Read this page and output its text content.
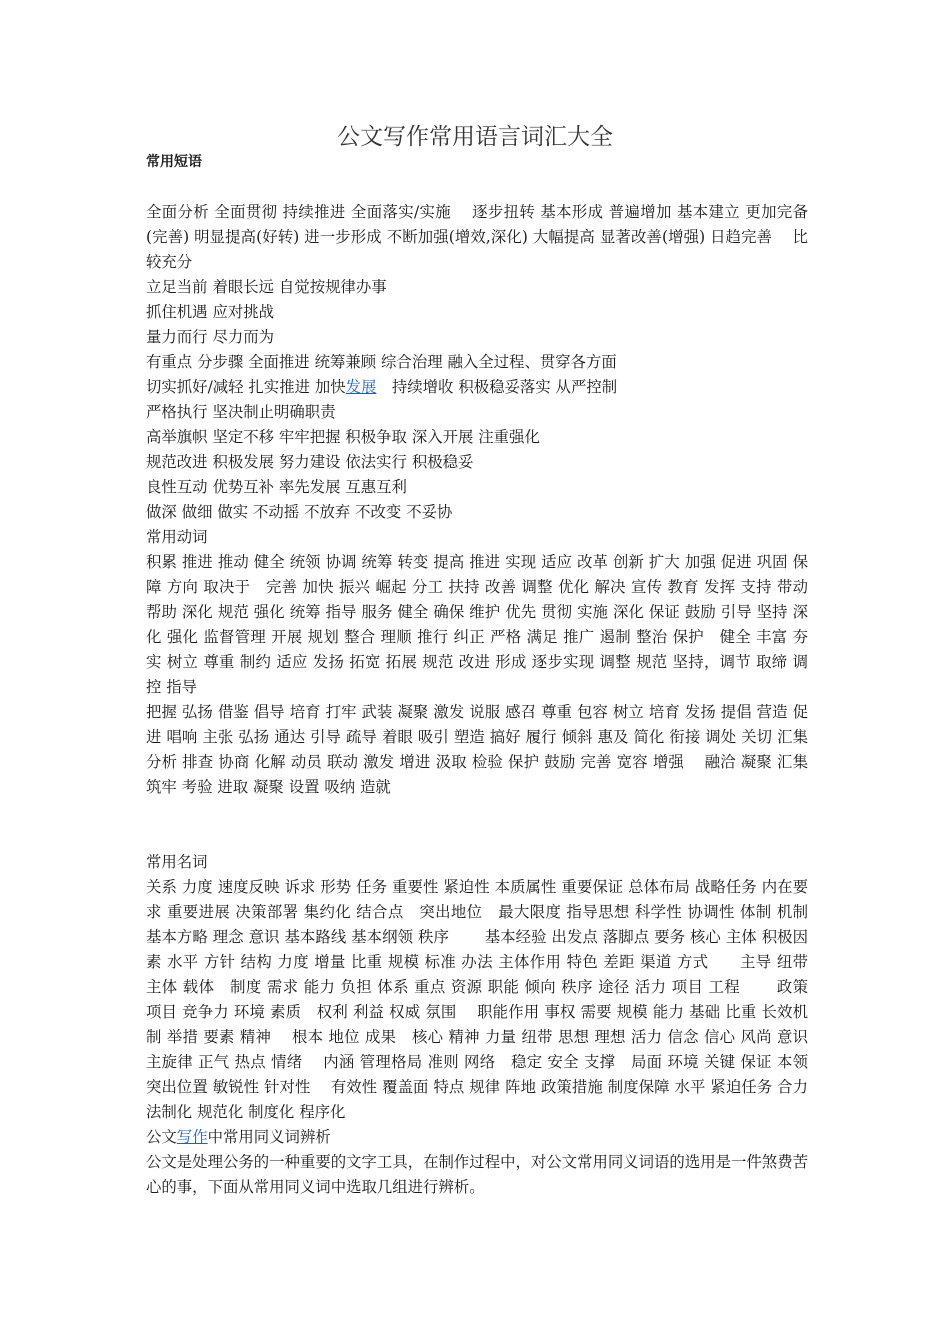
公文写作常用语言词汇大全

常用短语

全面分析 全面贯彻 持续推进 全面落实/实施　 逐步扭转 基本形成 普遍增加 基本建立 更加完备(完善) 明显提高(好转) 进一步形成 不断加强(增效,深化) 大幅提高 显著改善(增强) 日趋完善　 比较充分

立足当前 着眼长远 自觉按规律办事

抓住机遇 应对挑战

量力而行 尽力而为

有重点 分步骤 全面推进 统筹兼顾 综合治理 融入全过程、贯穿各方面

切实抓好/减轻 扎实推进 加快发展　持续增收 积极稳妥落实 从严控制

严格执行 坚决制止明确职责

高举旗帜 坚定不移 牢牢把握 积极争取 深入开展 注重强化

规范改进 积极发展 努力建设 依法实行 积极稳妥

良性互动 优势互补 率先发展 互惠互利

做深 做细 做实 不动摇 不放弃 不改变 不妥协

常用动词

积累 推进 推动 健全 统领 协调 统筹 转变 提高 推进 实现 适应 改革 创新 扩大 加强 促进 巩固 保障 方向 取决于　完善 加快 振兴 崛起 分工 扶持 改善 调整 优化 解决 宣传 教育 发挥 支持 带动 帮助 深化 规范 强化 统筹 指导 服务 健全 确保 维护 优先 贯彻 实施 深化 保证 鼓励 引导 坚持 深化 强化 监督管理 开展 规划 整合 理顺 推行 纠正 严格 满足 推广 遏制 整治 保护　健全 丰富 夯实 树立 尊重 制约 适应 发扬 拓宽 拓展 规范 改进 形成 逐步实现 调整 规范 坚持，调节 取缔 调控 指导

把握 弘扬 借鉴 倡导 培育 打牢 武装 凝聚 激发 说服 感召 尊重 包容 树立 培育 发扬 提倡 营造 促进 唱响 主张 弘扬 通达 引导 疏导 着眼 吸引 塑造 搞好 履行 倾斜 惠及 简化 衔接 调处 关切 汇集 分析 排查 协商 化解 动员 联动 激发 增进 汲取 检验 保护 鼓励 完善 宽容 增强　 融洽 凝聚 汇集 筑牢 考验 进取 凝聚 设置 吸纳 造就

常用名词

关系 力度 速度反映 诉求 形势 任务 重要性 紧迫性 本质属性 重要保证 总体布局 战略任务 内在要求 重要进展 决策部署 集约化 结合点　突出地位　最大限度 指导思想 科学性 协调性 体制 机制 基本方略 理念 意识 基本路线 基本纲领 秩序　　 基本经验 出发点 落脚点 要务 核心 主体 积极因素 水平 方针 结构 力度 增量 比重 规模 标准 办法 主体作用 特色 差距 渠道 方式　　主导 纽带 主体 载体　制度 需求 能力 负担 体系 重点 资源 职能 倾向 秩序 途径 活力 项目 工程　　 政策 项目 竞争力 环境 素质　权利 利益 权威 氛围　 职能作用 事权 需要 规模 能力 基础 比重 长效机制 举措 要素 精神　 根本 地位 成果　核心 精神 力量 纽带 思想 理想 活力 信念 信心 风尚 意识 主旋律 正气 热点 情绪　 内涵 管理格局 准则 网络　稳定 安全 支撑　局面 环境 关键 保证 本领 突出位置 敏锐性 针对性　 有效性 覆盖面 特点 规律 阵地 政策措施 制度保障 水平 紧迫任务 合力 法制化 规范化 制度化 程序化

公文写作中常用同义词辨析

公文是处理公务的一种重要的文字工具，在制作过程中，对公文常用同义词语的选用是一件煞费苦心的事，下面从常用同义词中选取几组进行辨析。
